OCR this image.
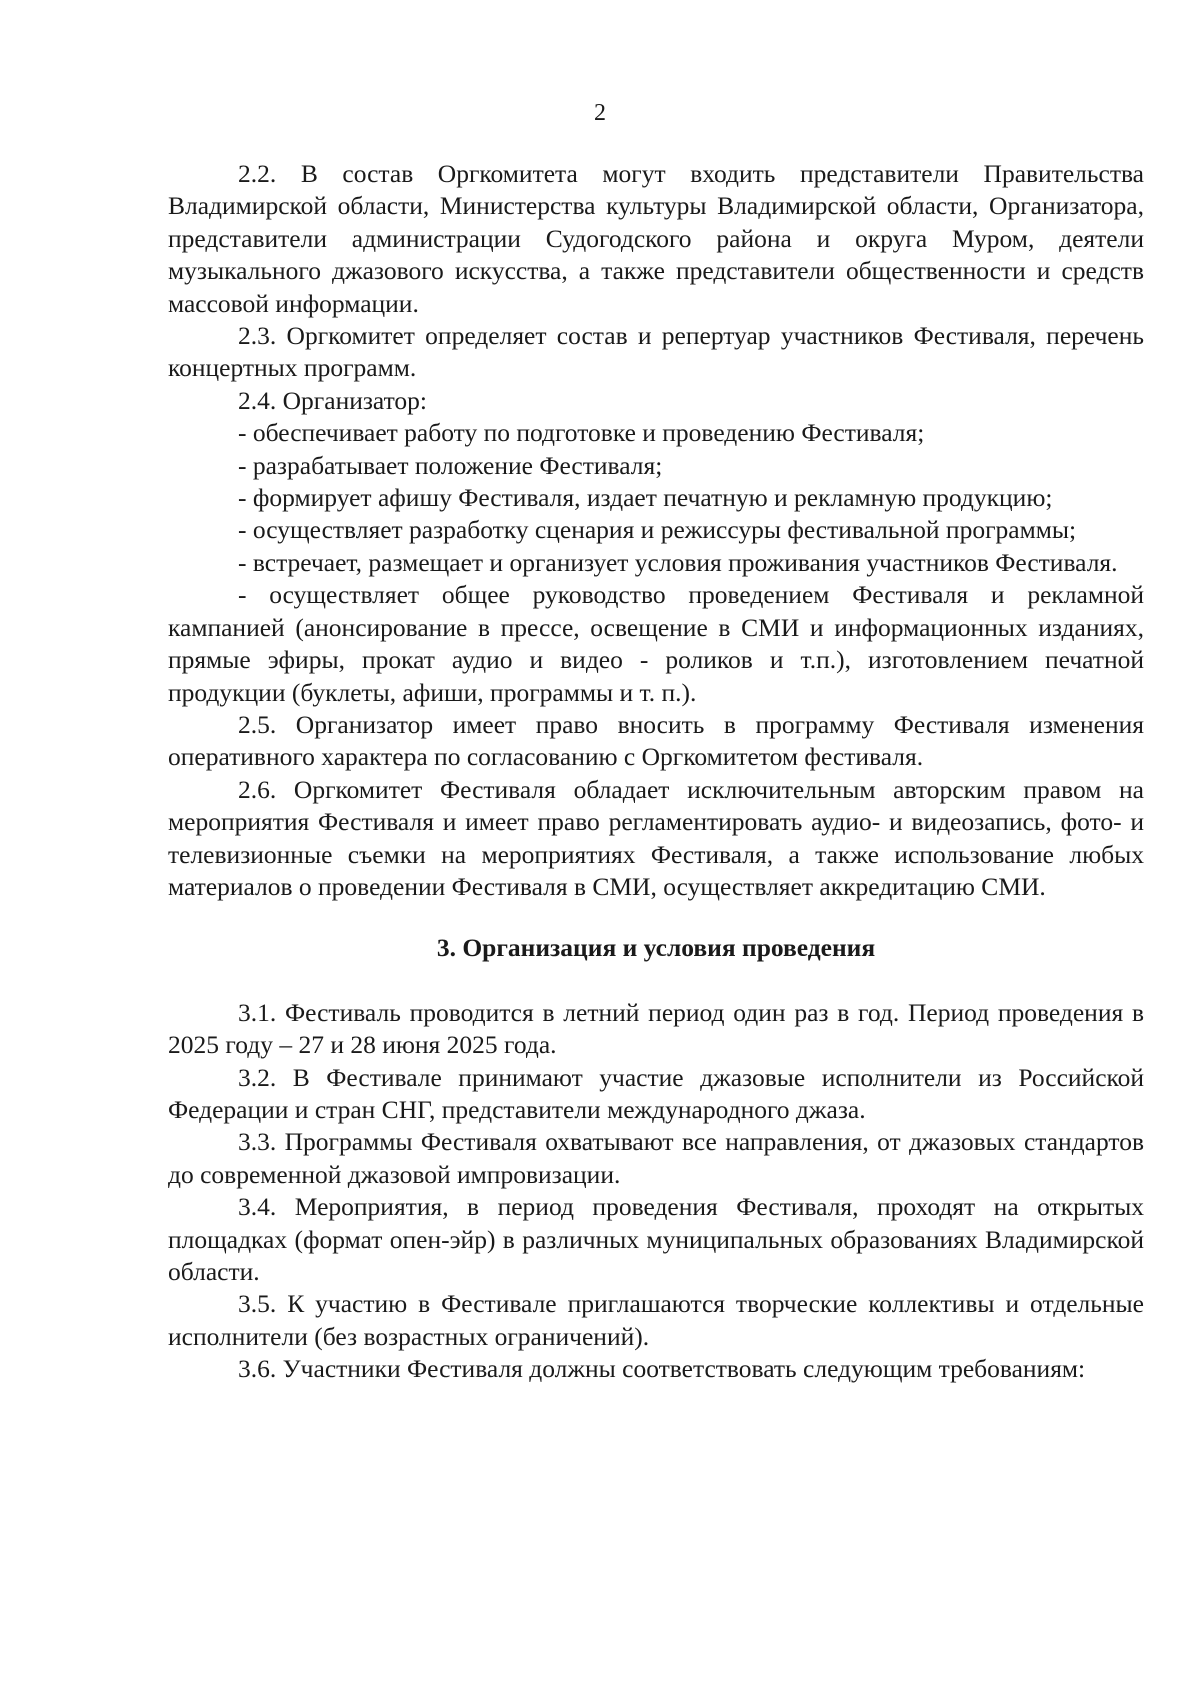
2

2.2. В состав Оргкомитета могут входить представители Правительства Владимирской области, Министерства культуры Владимирской области, Организатора, представители администрации Судогодского района и округа Муром, деятели музыкального джазового искусства, а также представители общественности и средств массовой информации.

2.3. Оргкомитет определяет состав и репертуар участников Фестиваля, перечень концертных программ.

2.4. Организатор:

- обеспечивает работу по подготовке и проведению Фестиваля;

- разрабатывает положение Фестиваля;

- формирует афишу Фестиваля, издает печатную и рекламную продукцию;

- осуществляет разработку сценария и режиссуры фестивальной программы;

- встречает, размещает и организует условия проживания участников Фестиваля.

- осуществляет общее руководство проведением Фестиваля и рекламной кампанией (анонсирование в прессе, освещение в СМИ и информационных изданиях, прямые эфиры, прокат аудио и видео - роликов и т.п.), изготовлением печатной продукции (буклеты, афиши, программы и т. п.).

2.5. Организатор имеет право вносить в программу Фестиваля изменения оперативного характера по согласованию с Оргкомитетом фестиваля.

2.6. Оргкомитет Фестиваля обладает исключительным авторским правом на мероприятия Фестиваля и имеет право регламентировать аудио- и видеозапись, фото- и телевизионные съемки на мероприятиях Фестиваля, а также использование любых материалов о проведении Фестиваля в СМИ, осуществляет аккредитацию СМИ.

3. Организация и условия проведения

3.1. Фестиваль проводится в летний период один раз в год. Период проведения в 2025 году – 27 и 28 июня 2025 года.

3.2. В Фестивале принимают участие джазовые исполнители из Российской Федерации и стран СНГ, представители международного джаза.

3.3. Программы Фестиваля охватывают все направления, от джазовых стандартов до современной джазовой импровизации.

3.4. Мероприятия, в период проведения Фестиваля, проходят на открытых площадках (формат опен-эйр) в различных муниципальных образованиях Владимирской области.

3.5. К участию в Фестивале приглашаются творческие коллективы и отдельные исполнители (без возрастных ограничений).

3.6. Участники Фестиваля должны соответствовать следующим требованиям:
